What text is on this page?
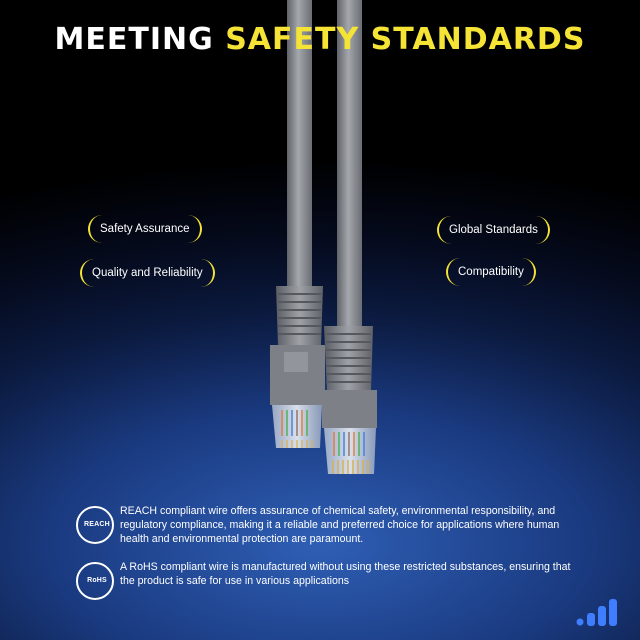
MEETING SAFETY STANDARDS
Safety Assurance
Quality and Reliability
Global Standards
Compatibility
REACH
REACH compliant wire offers assurance of chemical safety, environmental responsibility, and regulatory compliance, making it a reliable and preferred choice for applications where human health and environmental protection are paramount.
RoHS
A RoHS compliant wire is manufactured without using these restricted substances, ensuring that the product is safe for use in various applications
